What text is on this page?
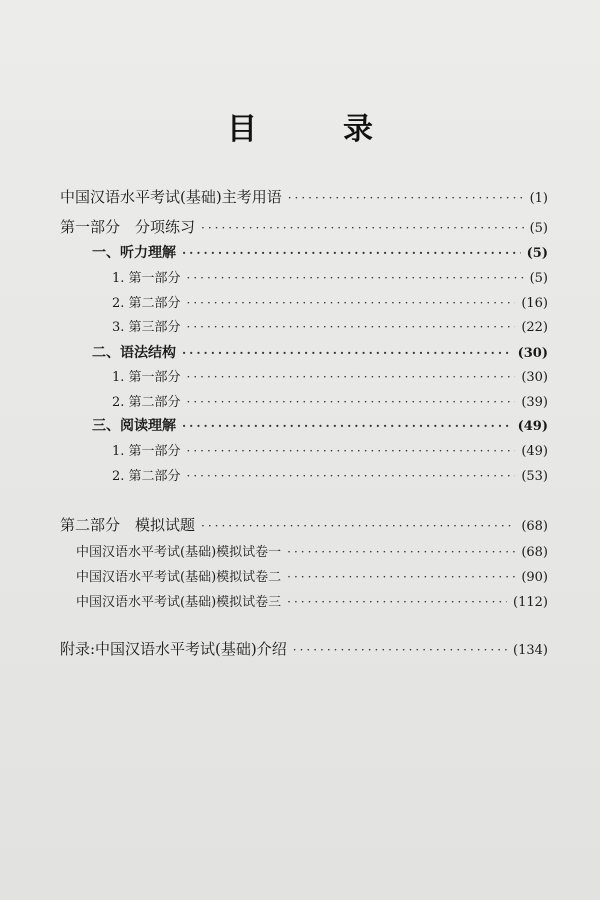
目　录
中国汉语水平考试(基础)主考用语 ·····	(1)
第一部分　分项练习 ·····	(5)
一、听力理解 ·····	(5)
1. 第一部分 ·····	(5)
2. 第二部分 ·····	(16)
3. 第三部分 ·····	(22)
二、语法结构 ·····	(30)
1. 第一部分 ·····	(30)
2. 第二部分 ·····	(39)
三、阅读理解 ·····	(49)
1. 第一部分 ·····	(49)
2. 第二部分 ·····	(53)
第二部分　模拟试题 ·····	(68)
中国汉语水平考试(基础)模拟试卷一 ·····	(68)
中国汉语水平考试(基础)模拟试卷二 ·····	(90)
中国汉语水平考试(基础)模拟试卷三 ·····	(112)
附录:中国汉语水平考试(基础)介绍 ·····	(134)
